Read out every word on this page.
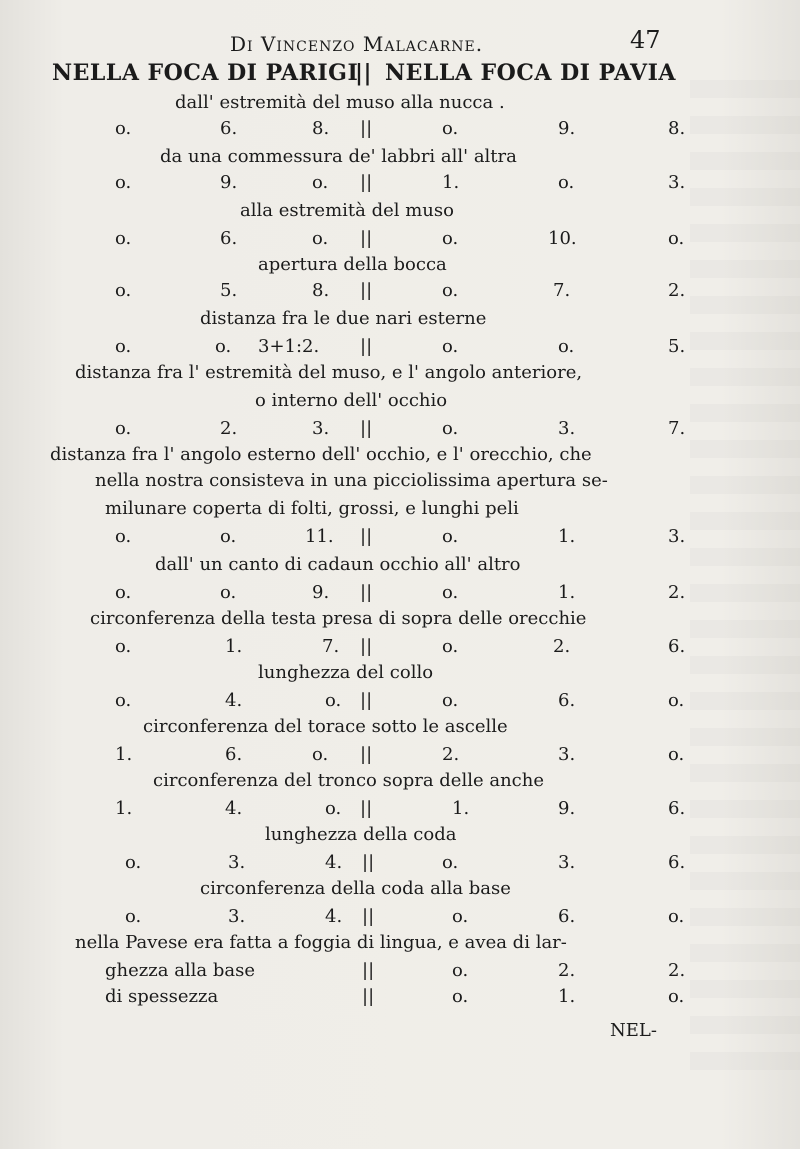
Di Vincenzo Malacarne.	47
NELLA FOCA DI PARIGI
|| NELLA FOCA DI PAVIA
dall' estremità del muso alla nucca .
o.	6.	8. ||	o.	9.	8.
da una commessura de' labbri all' altra
o.	9.	o. ||	1.	o.	3.
alla estremità del muso
o.	6.	o. ||	o.	10.	o.
apertura della bocca
o.	5.	8. ||	o.	7.	2.
distanza fra le due nari esterne
o.	o. 3+1:2. ||	o.	o.	5.
distanza fra l' estremità del muso, e l' angolo anteriore,
o interno dell' occhio
o.	2.	3. ||	o.	3.	7.
distanza fra l' angolo esterno dell' occhio, e l' orecchio, che
nella nostra consisteva in una picciolissima apertura se-
milunare coperta di folti, grossi, e lunghi peli
o.	o.	11. ||	o.	1.	3.
dall' un canto di cadaun occhio all' altro
o.	o.	9. ||	o.	1.	2.
circonferenza della testa presa di sopra delle orecchie
o.	1.	7. ||	o.	2.	6.
lunghezza del collo
o.	4.	o. ||	o.	6.	o.
circonferenza del torace sotto le ascelle
1.	6.	o. ||	2.	3.	o.
circonferenza del tronco sopra delle anche
1.	4.	o. ||	1.	9.	6.
lunghezza della coda
o.	3.	4. ||	o.	3.	6.
circonferenza della coda alla base
o.	3.	4. ||	o.	6.	o.
nella Pavese era fatta a foggia di lingua, e avea di lar-
ghezza alla base	||	o.	2.	2.
di spessezza	||	o.	1.	o.
NEL-
